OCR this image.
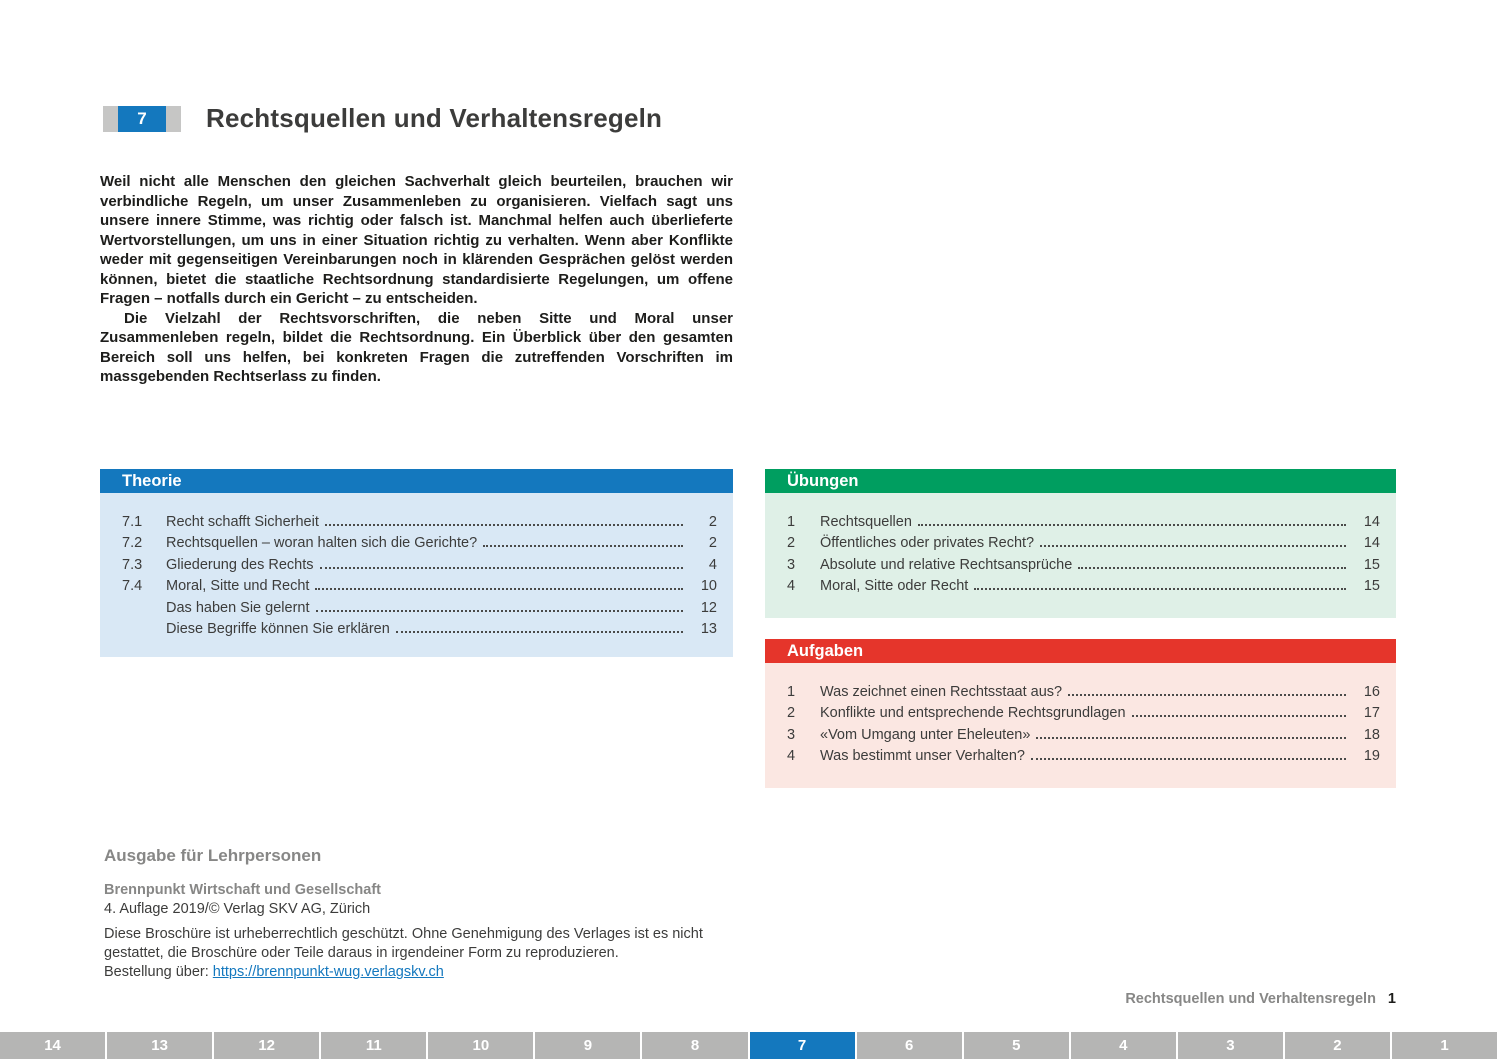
7	Rechtsquellen und Verhaltensregeln

Weil nicht alle Menschen den gleichen Sachverhalt gleich beurteilen, brauchen wir verbindliche Regeln, um unser Zusammenleben zu organisieren. Vielfach sagt uns unsere innere Stimme, was richtig oder falsch ist. Manchmal helfen auch überlieferte Wertvorstellungen, um uns in einer Situation richtig zu verhalten. Wenn aber Konflikte weder mit gegenseitigen Vereinbarungen noch in klärenden Gesprächen gelöst werden können, bietet die staatliche Rechtsordnung standardisierte Regelungen, um offene Fragen – notfalls durch ein Gericht – zu entscheiden.

Die Vielzahl der Rechtsvorschriften, die neben Sitte und Moral unser Zusammenleben regeln, bildet die Rechtsordnung. Ein Überblick über den gesamten Bereich soll uns helfen, bei konkreten Fragen die zutreffenden Vorschriften im massgebenden Rechtserlass zu finden.

Theorie
7.1	Recht schafft Sicherheit	2
7.2	Rechtsquellen – woran halten sich die Gerichte?	2
7.3	Gliederung des Rechts	4
7.4	Moral, Sitte und Recht	10
Das haben Sie gelernt	12
Diese Begriffe können Sie erklären	13
Übungen
1	Rechtsquellen	14
2	Öffentliches oder privates Recht?	14
3	Absolute und relative Rechtsansprüche	15
4	Moral, Sitte oder Recht	15
Aufgaben
1	Was zeichnet einen Rechtsstaat aus?	16
2	Konflikte und entsprechende Rechtsgrundlagen	17
3	«Vom Umgang unter Eheleuten»	18
4	Was bestimmt unser Verhalten?	19

Ausgabe für Lehrpersonen

Brennpunkt Wirtschaft und Gesellschaft

4. Auflage 2019/© Verlag SKV AG, Zürich

Diese Broschüre ist urheberrechtlich geschützt. Ohne Genehmigung des Verlages ist es nicht gestattet, die Broschüre oder Teile daraus in irgendeiner Form zu reproduzieren.

Bestellung über: https://brennpunkt-wug.verlagskv.ch

Rechtsquellen und Verhaltensregeln 1
14	13	12	11	10	9	8	7	6	5	4	3	2	1
